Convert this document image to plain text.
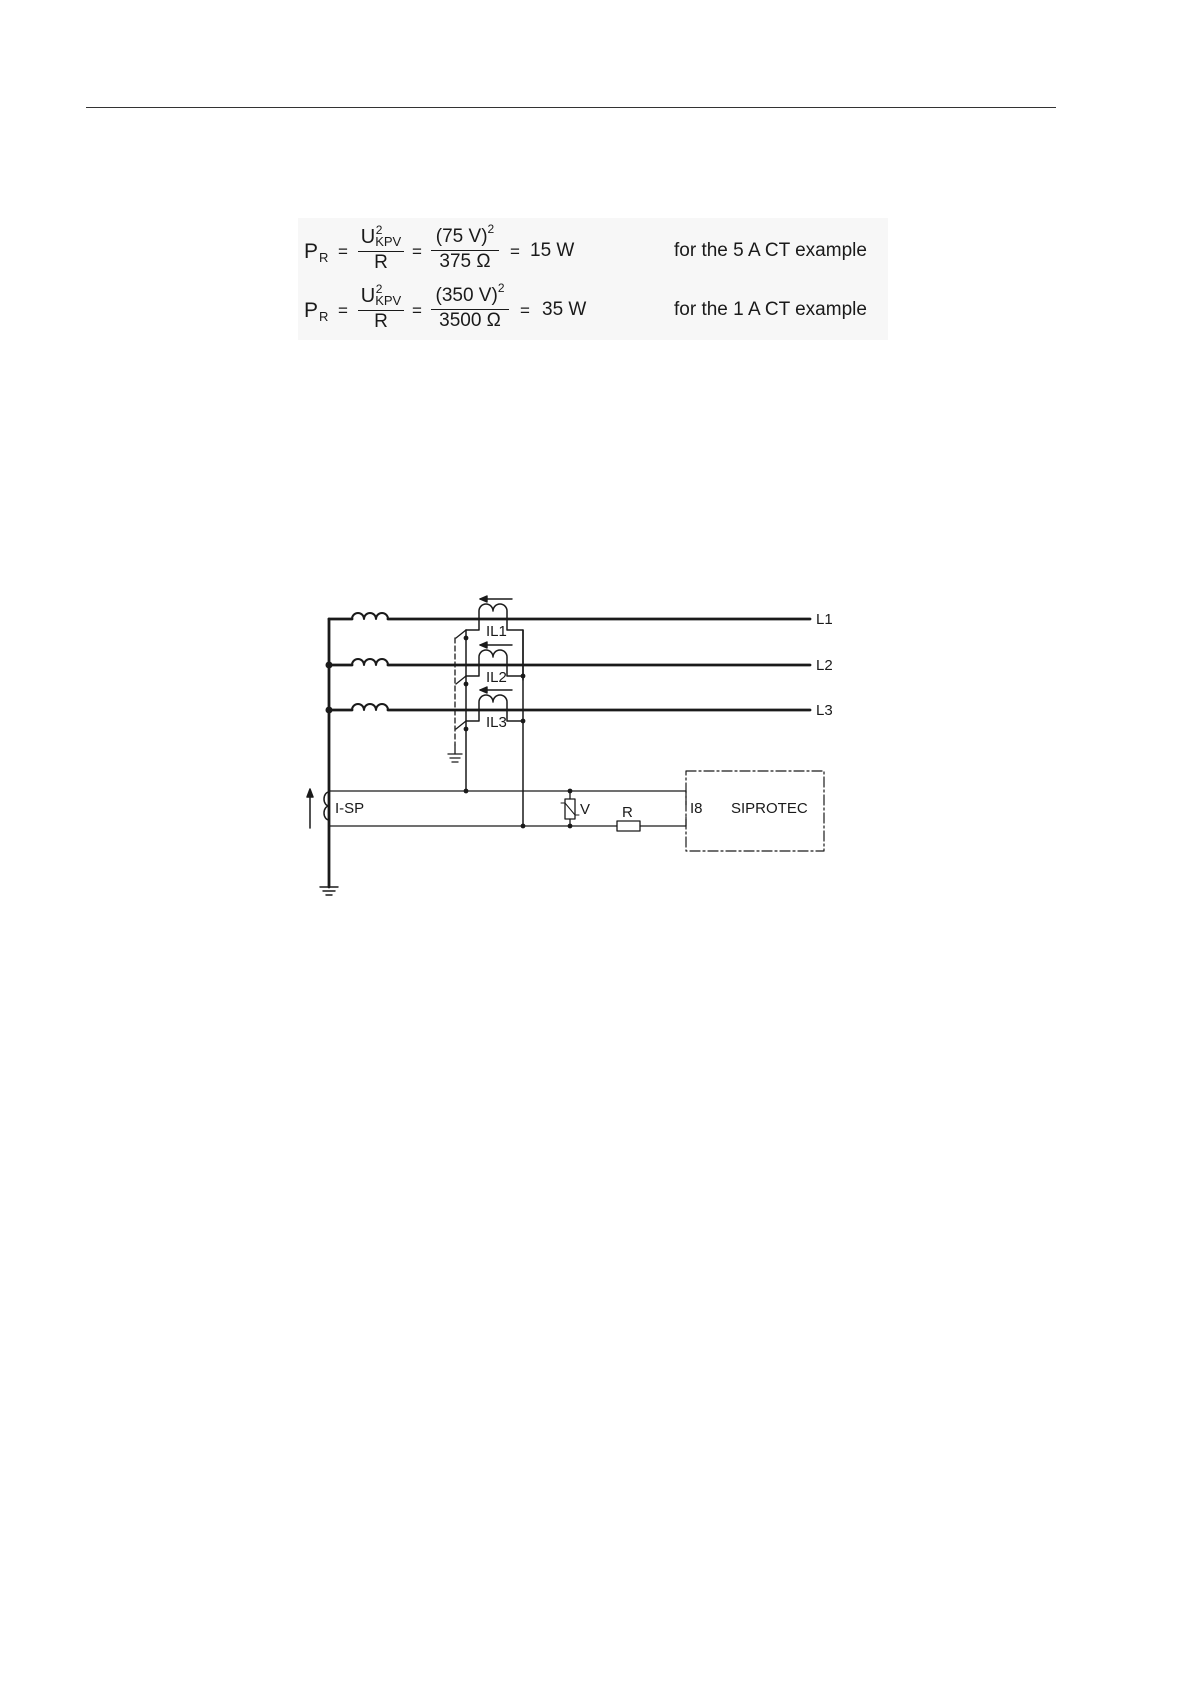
$P_R$ =
U 2
KPV
R
=
(75 V)$^2$
375 Ω	= 15 W	for the 5 A CT example
$P_R$ =
U 2
KPV
R
=
(350 V)$^2$
3500 Ω	= 35 W	for the 1 A CT example
L1
L2
L3
IL1
IL2
IL3
I-SP	V R	I8 SIPROTEC
